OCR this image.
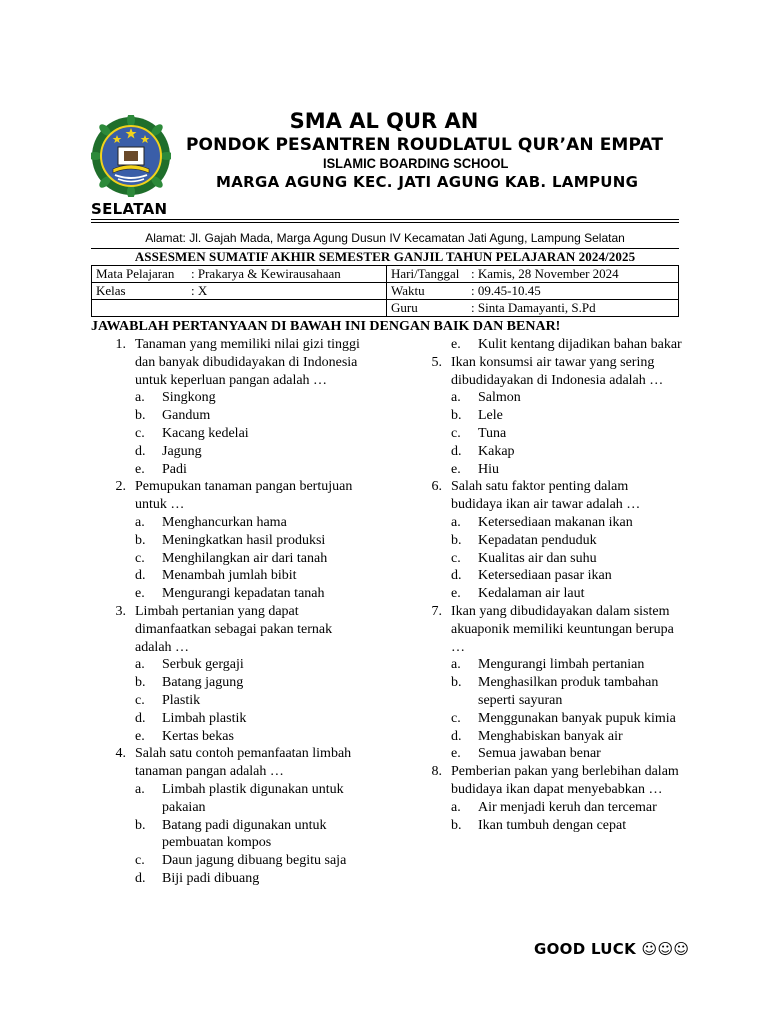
SMA AL QUR AN
PONDOK PESANTREN ROUDLATUL QUR’AN EMPAT
ISLAMIC BOARDING SCHOOL
MARGA AGUNG KEC. JATI AGUNG KAB. LAMPUNG
SELATAN
Alamat: Jl. Gajah Mada, Marga Agung Dusun IV Kecamatan Jati Agung, Lampung Selatan
ASSESMEN SUMATIF AKHIR SEMESTER GANJIL TAHUN PELAJARAN 2024/2025
Mata Pelajaran : Prakarya & Kewirausahaan	Hari/Tanggal : Kamis, 28 November 2024
Kelas : X	Waktu : 09.45-10.45
	Guru : Sinta Damayanti, S.Pd
JAWABLAH PERTANYAAN DI BAWAH INI DENGAN BAIK DAN BENAR!
1. Tanaman yang memiliki nilai gizi tinggi dan banyak dibudidayakan di Indonesia untuk keperluan pangan adalah …
a. Singkong
b. Gandum
c. Kacang kedelai
d. Jagung
e. Padi
2. Pemupukan tanaman pangan bertujuan untuk …
a. Menghancurkan hama
b. Meningkatkan hasil produksi
c. Menghilangkan air dari tanah
d. Menambah jumlah bibit
e. Mengurangi kepadatan tanah
3. Limbah pertanian yang dapat dimanfaatkan sebagai pakan ternak adalah …
a. Serbuk gergaji
b. Batang jagung
c. Plastik
d. Limbah plastik
e. Kertas bekas
4. Salah satu contoh pemanfaatan limbah tanaman pangan adalah …
a. Limbah plastik digunakan untuk pakaian
b. Batang padi digunakan untuk pembuatan kompos
c. Daun jagung dibuang begitu saja
d. Biji padi dibuang
e. Kulit kentang dijadikan bahan bakar
5. Ikan konsumsi air tawar yang sering dibudidayakan di Indonesia adalah …
a. Salmon
b. Lele
c. Tuna
d. Kakap
e. Hiu
6. Salah satu faktor penting dalam budidaya ikan air tawar adalah …
a. Ketersediaan makanan ikan
b. Kepadatan penduduk
c. Kualitas air dan suhu
d. Ketersediaan pasar ikan
e. Kedalaman air laut
7. Ikan yang dibudidayakan dalam sistem akuaponik memiliki keuntungan berupa …
a. Mengurangi limbah pertanian
b. Menghasilkan produk tambahan seperti sayuran
c. Menggunakan banyak pupuk kimia
d. Menghabiskan banyak air
e. Semua jawaban benar
8. Pemberian pakan yang berlebihan dalam budidaya ikan dapat menyebabkan …
a. Air menjadi keruh dan tercemar
b. Ikan tumbuh dengan cepat
GOOD LUCK ☺☺☺
